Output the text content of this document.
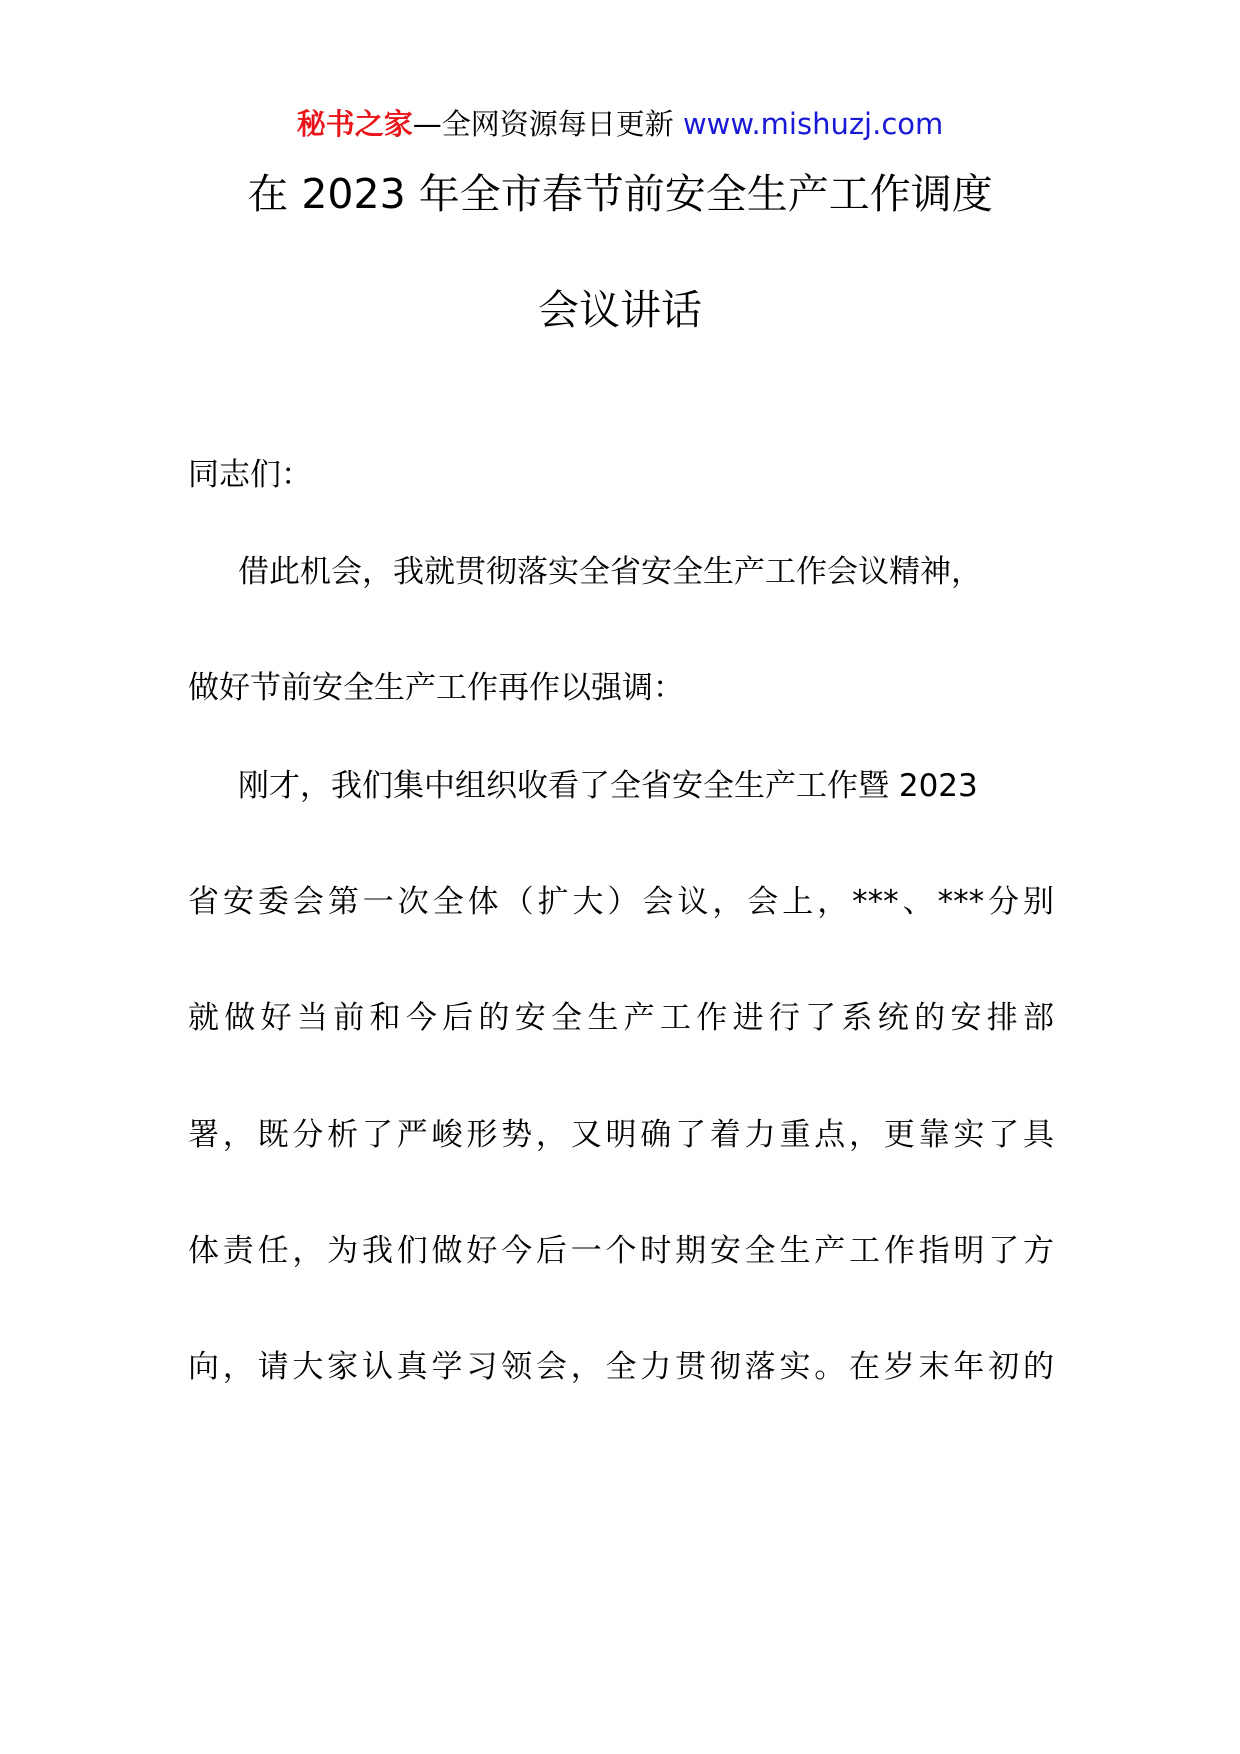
秘书之家—全网资源每日更新 www.mishuzj.com
在 2023 年全市春节前安全生产工作调度
会议讲话
同志们：
借此机会，我就贯彻落实全省安全生产工作会议精神，
做好节前安全生产工作再作以强调：
刚才，我们集中组织收看了全省安全生产工作暨 2023
省安委会第一次全体（扩大）会议，会上，***、***分别
就做好当前和今后的安全生产工作进行了系统的安排部
署，既分析了严峻形势，又明确了着力重点，更靠实了具
体责任，为我们做好今后一个时期安全生产工作指明了方
向，请大家认真学习领会，全力贯彻落实。在岁末年初的
